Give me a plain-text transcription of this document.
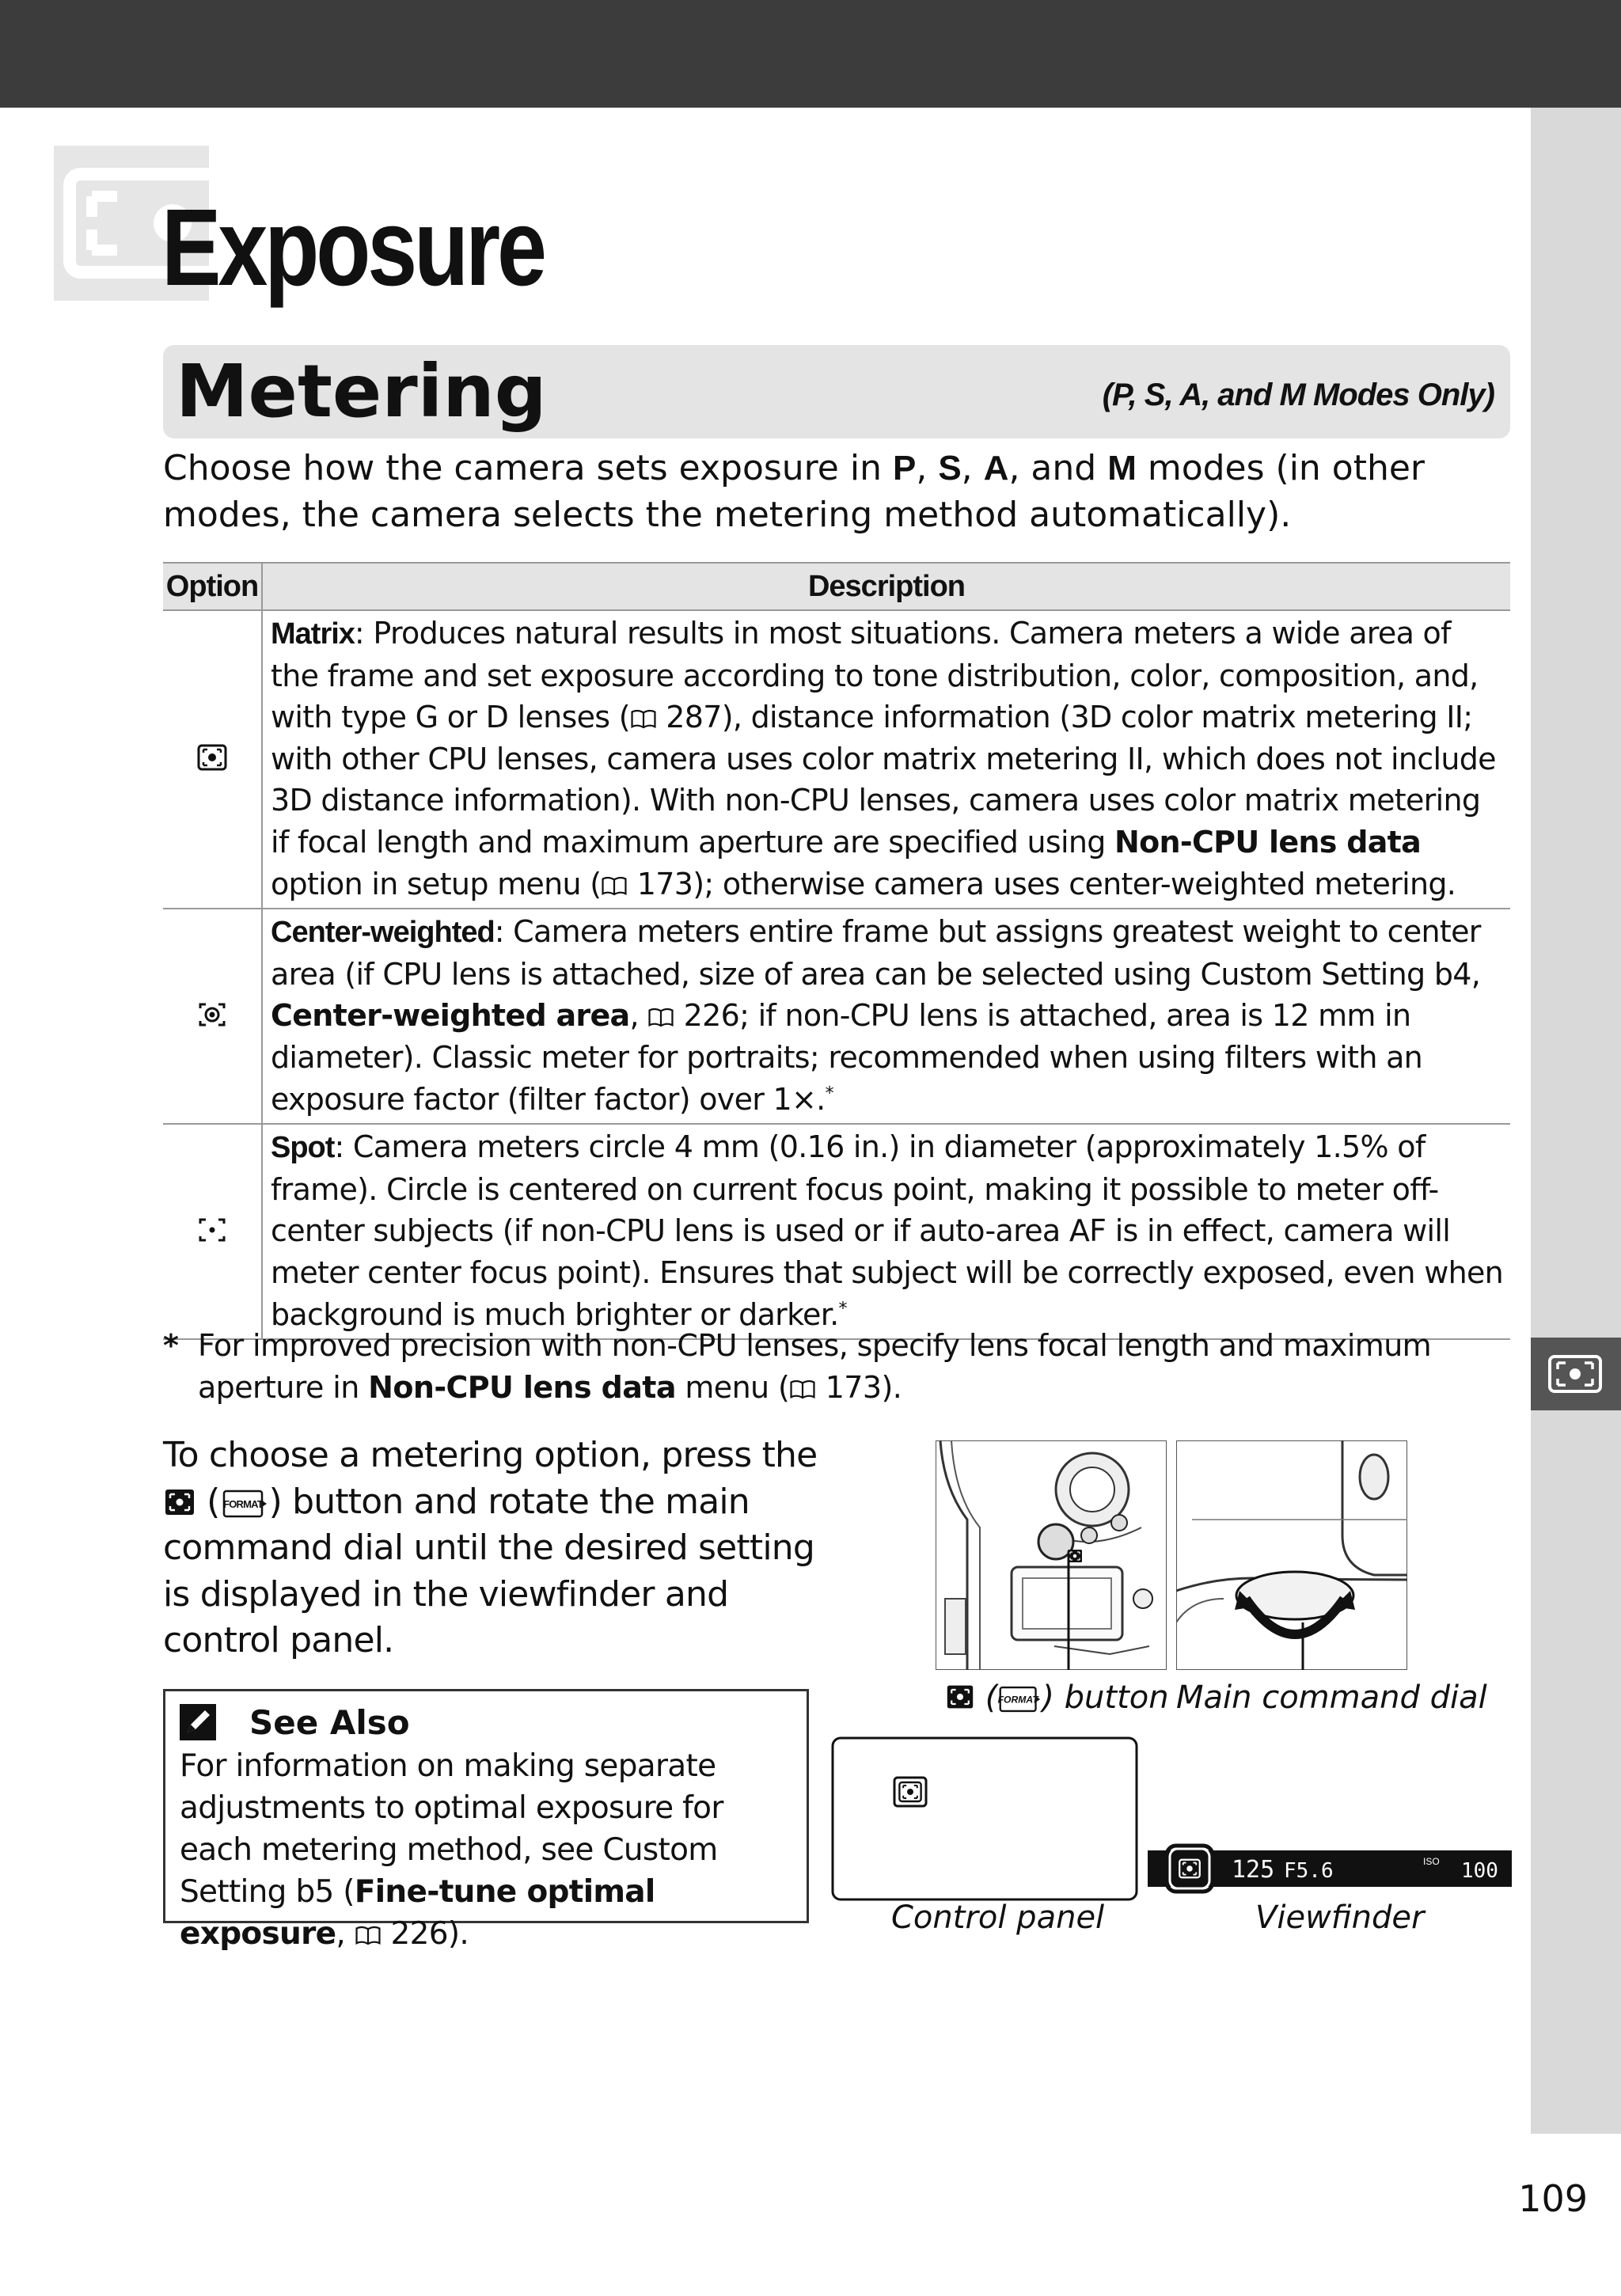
Exposure
Metering	(P, S, A, and M Modes Only)

Choose how the camera sets exposure in P, S, A, and M modes (in other modes, the camera selects the metering method automatically).

Option	Description
	Matrix: Produces natural results in most situations. Camera meters a wide area of the frame and set exposure according to tone distribution, color, composition, and, with type G or D lenses ( 287), distance information (3D color matrix metering II; with other CPU lenses, camera uses color matrix metering II, which does not include 3D distance information). With non-CPU lenses, camera uses color matrix metering if focal length and maximum aperture are specified using Non-CPU lens data option in setup menu ( 173); otherwise camera uses center-weighted metering.
	Center-weighted: Camera meters entire frame but assigns greatest weight to center area (if CPU lens is attached, size of area can be selected using Custom Setting b4, Center-weighted area,  226; if non-CPU lens is attached, area is 12 mm in diameter). Classic meter for portraits; recommended when using filters with an exposure factor (filter factor) over 1×.*
	Spot: Camera meters circle 4 mm (0.16 in.) in diameter (approximately 1.5% of frame). Circle is centered on current focus point, making it possible to meter off-center subjects (if non-CPU lens is used or if auto-area AF is in effect, camera will meter center focus point). Ensures that subject will be correctly exposed, even when background is much brighter or darker.*
* For improved precision with non-CPU lenses, specify lens focal length and maximum aperture in Non-CPU lens data menu ( 173).

To choose a metering option, press the  ( ) button and rotate the main command dial until the desired setting is displayed in the viewfinder and control panel.

See Also

For information on making separate adjustments to optimal exposure for each metering method, see Custom Setting b5 (Fine-tune optimal exposure,  226).

( ) button Main command dial
Control panel
125 F5.6	ISO 100
Viewfinder
109
